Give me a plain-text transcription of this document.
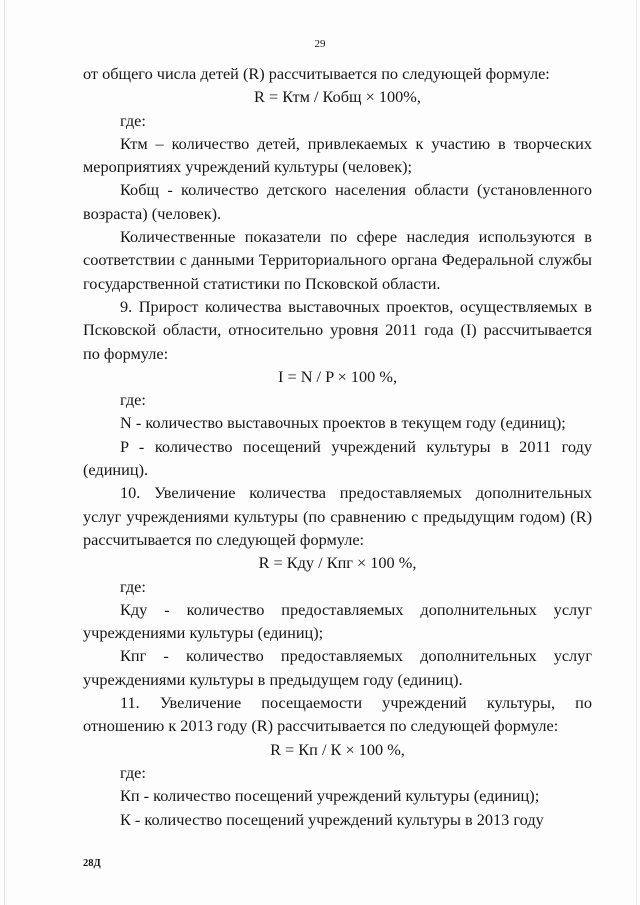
29

от общего числа детей (R) рассчитывается по следующей формуле:

R = Ктм / Кобщ × 100%,

где:

Ктм – количество детей, привлекаемых к участию в творческих мероприятиях учреждений культуры (человек);

Кобщ - количество детского населения области (установленного возраста) (человек).

Количественные показатели по сфере наследия используются в соответствии с данными Территориального органа Федеральной службы государственной статистики по Псковской области.

9. Прирост количества выставочных проектов, осуществляемых в Псковской области, относительно уровня 2011 года (I) рассчитывается по формуле:

I = N / P × 100 %,

где:

N - количество выставочных проектов в текущем году (единиц);

P - количество посещений учреждений культуры в 2011 году (единиц).

10. Увеличение количества предоставляемых дополнительных услуг учреждениями культуры (по сравнению с предыдущим годом) (R) рассчитывается по следующей формуле:

R = Кду / Кпг × 100 %,

где:

Кду - количество предоставляемых дополнительных услуг учреждениями культуры (единиц);

Кпг - количество предоставляемых дополнительных услуг учреждениями культуры в предыдущем году (единиц).

11. Увеличение посещаемости учреждений культуры, по отношению к 2013 году (R) рассчитывается по следующей формуле:

R = Кп / К × 100 %,

где:

Кп - количество посещений учреждений культуры (единиц);

К - количество посещений учреждений культуры в 2013 году

28Д
